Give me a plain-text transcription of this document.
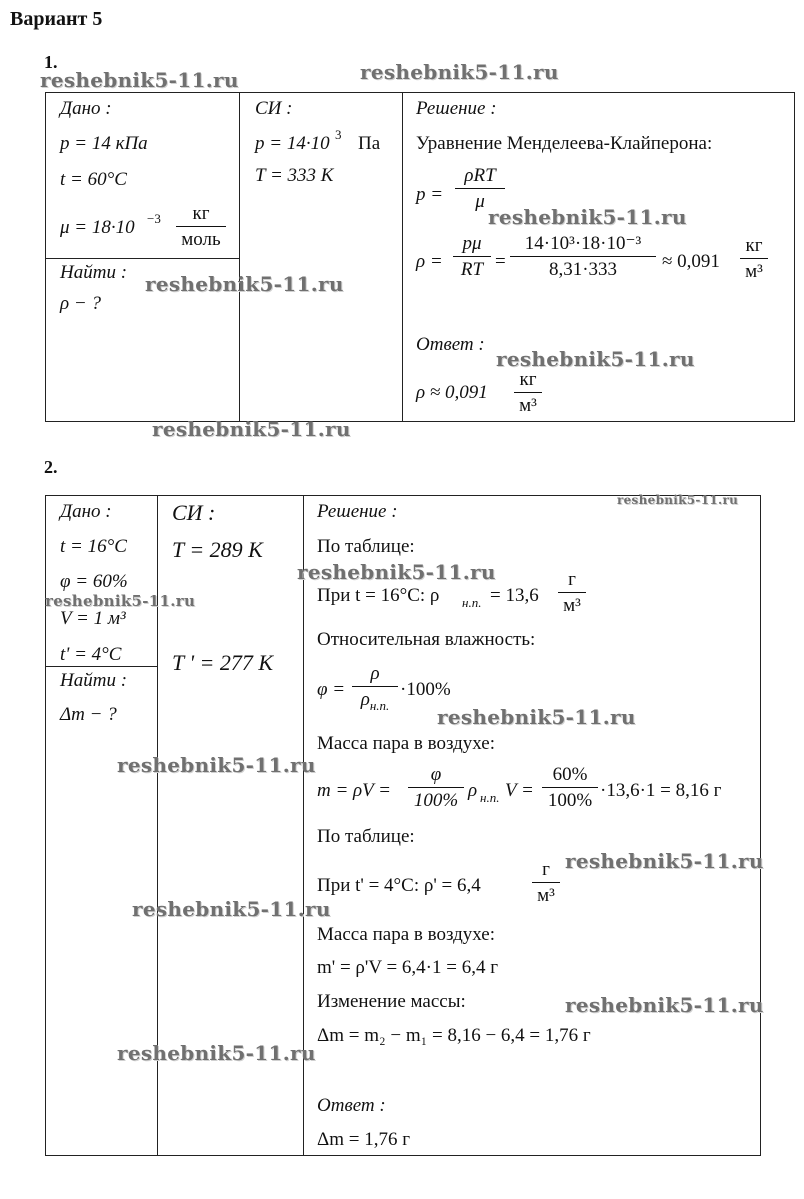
Вариант 5
1.
Дано :
p = 14 кПа
t = 60°C
μ = 18·10 −3 кг
моль
Найти :
ρ − ?
СИ :
p = 14·10 3 Па
T = 333 К
Решение :
Уравнение Менделеева-Клайперона:
p =
ρRT
μ
ρ =
pμ
RT =
14·10³·18·10⁻³
8,31·333 ≈ 0,091
кг
м³
Ответ :
ρ ≈ 0,091
кг
м³
2.
Дано :
t = 16°C
φ = 60%
V = 1 м³
t' = 4°C
Найти :
Δm − ?
СИ :
T = 289 К
T ' = 277 К
Решение :
По таблице:
При t = 16°C: ρ н.п. = 13,6
г
м³
Относительная влажность:
φ =
ρ
$\rho_{н.п.}$
·100%
Масса пара в воздухе:
m = ρV =
φ
100% ρ н.п. V =
60%
100% ·13,6·1 = 8,16 г
По таблице:
При t' = 4°C: ρ' = 6,4
г
м³
Масса пара в воздухе:
m' = ρ'V = 6,4·1 = 6,4 г
Изменение массы:
Δm = m₂ − m₁ = 8,16 − 6,4 = 1,76 г
Ответ :
Δm = 1,76 г
reshebnik5-11.ru	reshebnik5-11.ru
reshebnik5-11.ru
reshebnik5-11.ru
reshebnik5-11.ru
reshebnik5-11.ru
reshebnik5-11.ru
reshebnik5-11.ru
reshebnik5-11.ru
reshebnik5-11.ru
reshebnik5-11.ru
reshebnik5-11.ru
reshebnik5-11.ru
reshebnik5-11.ru
reshebnik5-11.ru
